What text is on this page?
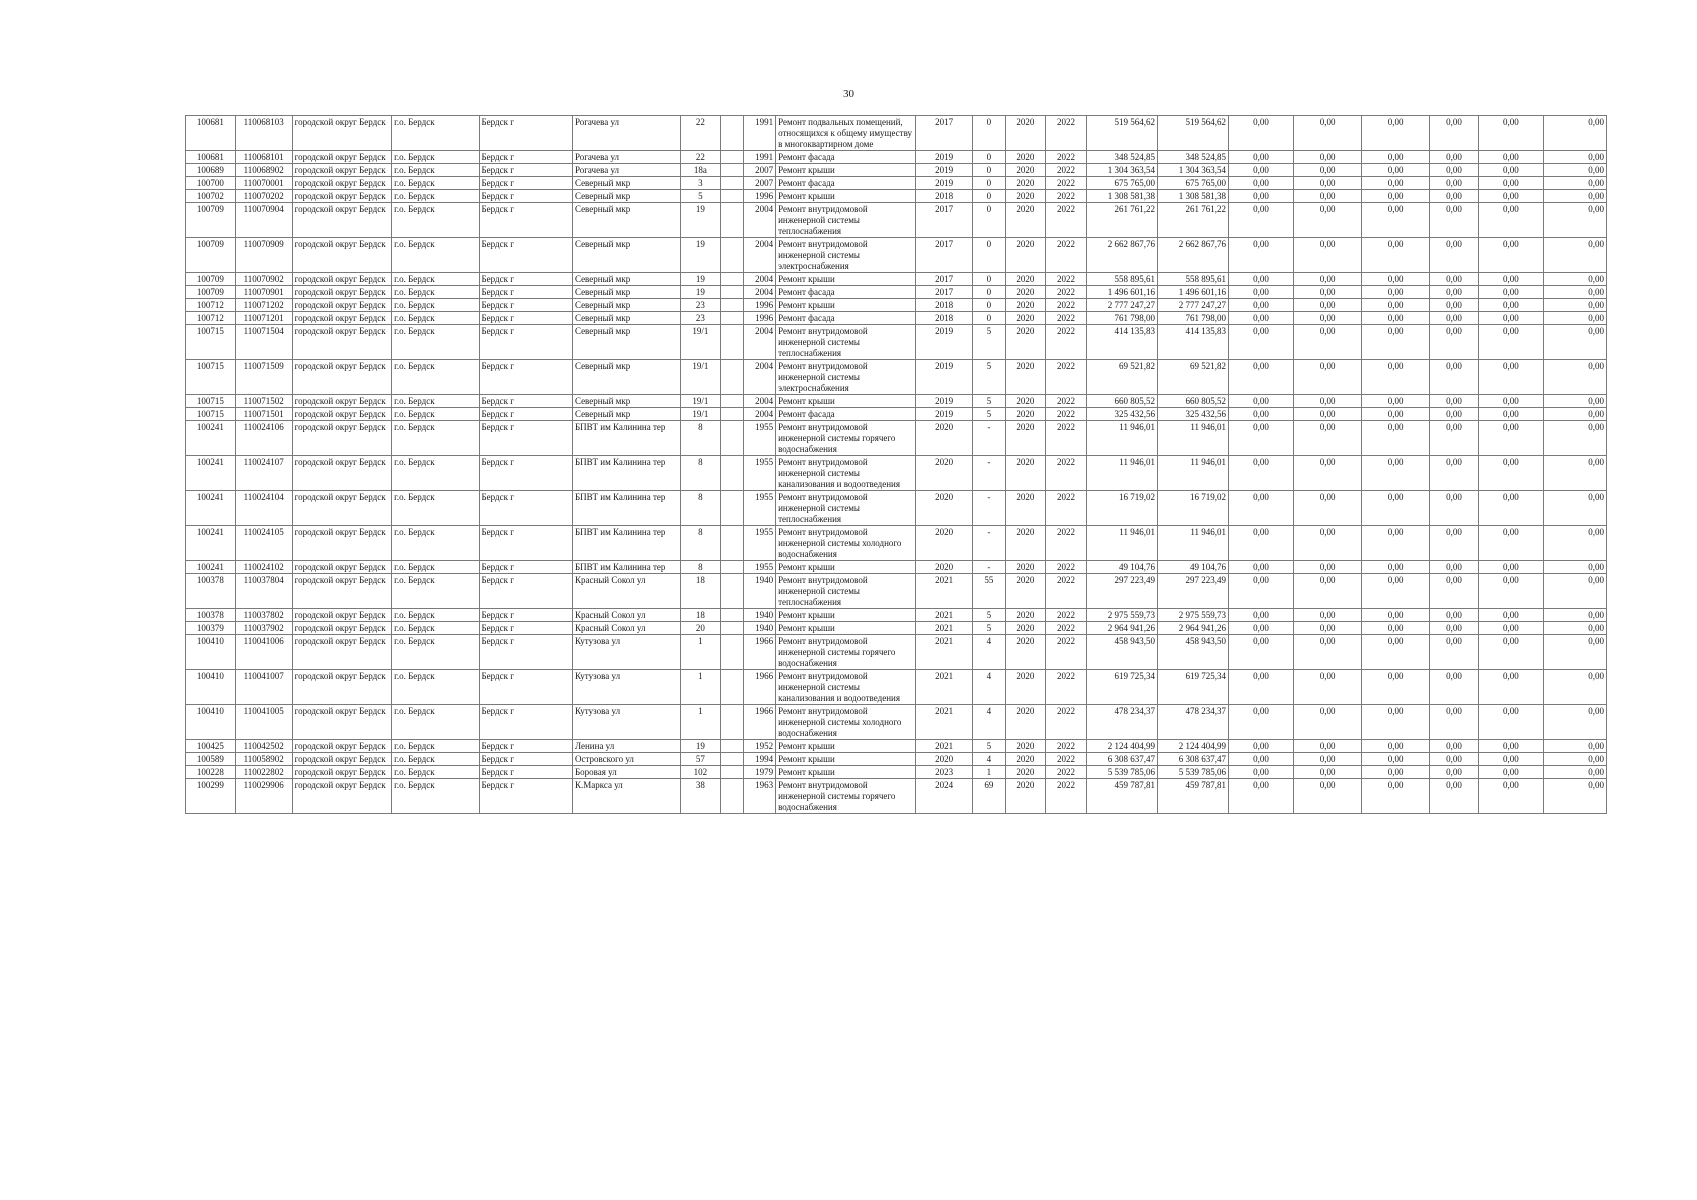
30
100681	110068103	городской округ Бердск	г.о. Бердск	Бердск г	Рогачева ул	22		1991	Ремонт подвальных помещений, относящихся к общему имуществу в многоквартирном доме	2017	0	2020	2022	519 564,62	519 564,62	0,00	0,00	0,00	0,00	0,00	0,00
100681	110068101	городской округ Бердск	г.о. Бердск	Бердск г	Рогачева ул	22		1991	Ремонт фасада	2019	0	2020	2022	348 524,85	348 524,85	0,00	0,00	0,00	0,00	0,00	0,00
100689	110068902	городской округ Бердск	г.о. Бердск	Бердск г	Рогачева ул	18а		2007	Ремонт крыши	2019	0	2020	2022	1 304 363,54	1 304 363,54	0,00	0,00	0,00	0,00	0,00	0,00
100700	110070001	городской округ Бердск	г.о. Бердск	Бердск г	Северный мкр	3		2007	Ремонт фасада	2019	0	2020	2022	675 765,00	675 765,00	0,00	0,00	0,00	0,00	0,00	0,00
100702	110070202	городской округ Бердск	г.о. Бердск	Бердск г	Северный мкр	5		1996	Ремонт крыши	2018	0	2020	2022	1 308 581,38	1 308 581,38	0,00	0,00	0,00	0,00	0,00	0,00
100709	110070904	городской округ Бердск	г.о. Бердск	Бердск г	Северный мкр	19		2004	Ремонт внутридомовой инженерной системы теплоснабжения	2017	0	2020	2022	261 761,22	261 761,22	0,00	0,00	0,00	0,00	0,00	0,00
100709	110070909	городской округ Бердск	г.о. Бердск	Бердск г	Северный мкр	19		2004	Ремонт внутридомовой инженерной системы электроснабжения	2017	0	2020	2022	2 662 867,76	2 662 867,76	0,00	0,00	0,00	0,00	0,00	0,00
100709	110070902	городской округ Бердск	г.о. Бердск	Бердск г	Северный мкр	19		2004	Ремонт крыши	2017	0	2020	2022	558 895,61	558 895,61	0,00	0,00	0,00	0,00	0,00	0,00
100709	110070901	городской округ Бердск	г.о. Бердск	Бердск г	Северный мкр	19		2004	Ремонт фасада	2017	0	2020	2022	1 496 601,16	1 496 601,16	0,00	0,00	0,00	0,00	0,00	0,00
100712	110071202	городской округ Бердск	г.о. Бердск	Бердск г	Северный мкр	23		1996	Ремонт крыши	2018	0	2020	2022	2 777 247,27	2 777 247,27	0,00	0,00	0,00	0,00	0,00	0,00
100712	110071201	городской округ Бердск	г.о. Бердск	Бердск г	Северный мкр	23		1996	Ремонт фасада	2018	0	2020	2022	761 798,00	761 798,00	0,00	0,00	0,00	0,00	0,00	0,00
100715	110071504	городской округ Бердск	г.о. Бердск	Бердск г	Северный мкр	19/1		2004	Ремонт внутридомовой инженерной системы теплоснабжения	2019	5	2020	2022	414 135,83	414 135,83	0,00	0,00	0,00	0,00	0,00	0,00
100715	110071509	городской округ Бердск	г.о. Бердск	Бердск г	Северный мкр	19/1		2004	Ремонт внутридомовой инженерной системы электроснабжения	2019	5	2020	2022	69 521,82	69 521,82	0,00	0,00	0,00	0,00	0,00	0,00
100715	110071502	городской округ Бердск	г.о. Бердск	Бердск г	Северный мкр	19/1		2004	Ремонт крыши	2019	5	2020	2022	660 805,52	660 805,52	0,00	0,00	0,00	0,00	0,00	0,00
100715	110071501	городской округ Бердск	г.о. Бердск	Бердск г	Северный мкр	19/1		2004	Ремонт фасада	2019	5	2020	2022	325 432,56	325 432,56	0,00	0,00	0,00	0,00	0,00	0,00
100241	110024106	городской округ Бердск	г.о. Бердск	Бердск г	БПВТ им Калинина тер	8		1955	Ремонт внутридомовой инженерной системы горячего водоснабжения	2020	-	2020	2022	11 946,01	11 946,01	0,00	0,00	0,00	0,00	0,00	0,00
100241	110024107	городской округ Бердск	г.о. Бердск	Бердск г	БПВТ им Калинина тер	8		1955	Ремонт внутридомовой инженерной системы канализования и водоотведения	2020	-	2020	2022	11 946,01	11 946,01	0,00	0,00	0,00	0,00	0,00	0,00
100241	110024104	городской округ Бердск	г.о. Бердск	Бердск г	БПВТ им Калинина тер	8		1955	Ремонт внутридомовой инженерной системы теплоснабжения	2020	-	2020	2022	16 719,02	16 719,02	0,00	0,00	0,00	0,00	0,00	0,00
100241	110024105	городской округ Бердск	г.о. Бердск	Бердск г	БПВТ им Калинина тер	8		1955	Ремонт внутридомовой инженерной системы холодного водоснабжения	2020	-	2020	2022	11 946,01	11 946,01	0,00	0,00	0,00	0,00	0,00	0,00
100241	110024102	городской округ Бердск	г.о. Бердск	Бердск г	БПВТ им Калинина тер	8		1955	Ремонт крыши	2020	-	2020	2022	49 104,76	49 104,76	0,00	0,00	0,00	0,00	0,00	0,00
100378	110037804	городской округ Бердск	г.о. Бердск	Бердск г	Красный Сокол ул	18		1940	Ремонт внутридомовой инженерной системы теплоснабжения	2021	55	2020	2022	297 223,49	297 223,49	0,00	0,00	0,00	0,00	0,00	0,00
100378	110037802	городской округ Бердск	г.о. Бердск	Бердск г	Красный Сокол ул	18		1940	Ремонт крыши	2021	5	2020	2022	2 975 559,73	2 975 559,73	0,00	0,00	0,00	0,00	0,00	0,00
100379	110037902	городской округ Бердск	г.о. Бердск	Бердск г	Красный Сокол ул	20		1940	Ремонт крыши	2021	5	2020	2022	2 964 941,26	2 964 941,26	0,00	0,00	0,00	0,00	0,00	0,00
100410	110041006	городской округ Бердск	г.о. Бердск	Бердск г	Кутузова ул	1		1966	Ремонт внутридомовой инженерной системы горячего водоснабжения	2021	4	2020	2022	458 943,50	458 943,50	0,00	0,00	0,00	0,00	0,00	0,00
100410	110041007	городской округ Бердск	г.о. Бердск	Бердск г	Кутузова ул	1		1966	Ремонт внутридомовой инженерной системы канализования и водоотведения	2021	4	2020	2022	619 725,34	619 725,34	0,00	0,00	0,00	0,00	0,00	0,00
100410	110041005	городской округ Бердск	г.о. Бердск	Бердск г	Кутузова ул	1		1966	Ремонт внутридомовой инженерной системы холодного водоснабжения	2021	4	2020	2022	478 234,37	478 234,37	0,00	0,00	0,00	0,00	0,00	0,00
100425	110042502	городской округ Бердск	г.о. Бердск	Бердск г	Ленина ул	19		1952	Ремонт крыши	2021	5	2020	2022	2 124 404,99	2 124 404,99	0,00	0,00	0,00	0,00	0,00	0,00
100589	110058902	городской округ Бердск	г.о. Бердск	Бердск г	Островского ул	57		1994	Ремонт крыши	2020	4	2020	2022	6 308 637,47	6 308 637,47	0,00	0,00	0,00	0,00	0,00	0,00
100228	110022802	городской округ Бердск	г.о. Бердск	Бердск г	Боровая ул	102		1979	Ремонт крыши	2023	1	2020	2022	5 539 785,06	5 539 785,06	0,00	0,00	0,00	0,00	0,00	0,00
100299	110029906	городской округ Бердск	г.о. Бердск	Бердск г	К.Маркса ул	38		1963	Ремонт внутридомовой инженерной системы горячего водоснабжения	2024	69	2020	2022	459 787,81	459 787,81	0,00	0,00	0,00	0,00	0,00	0,00
